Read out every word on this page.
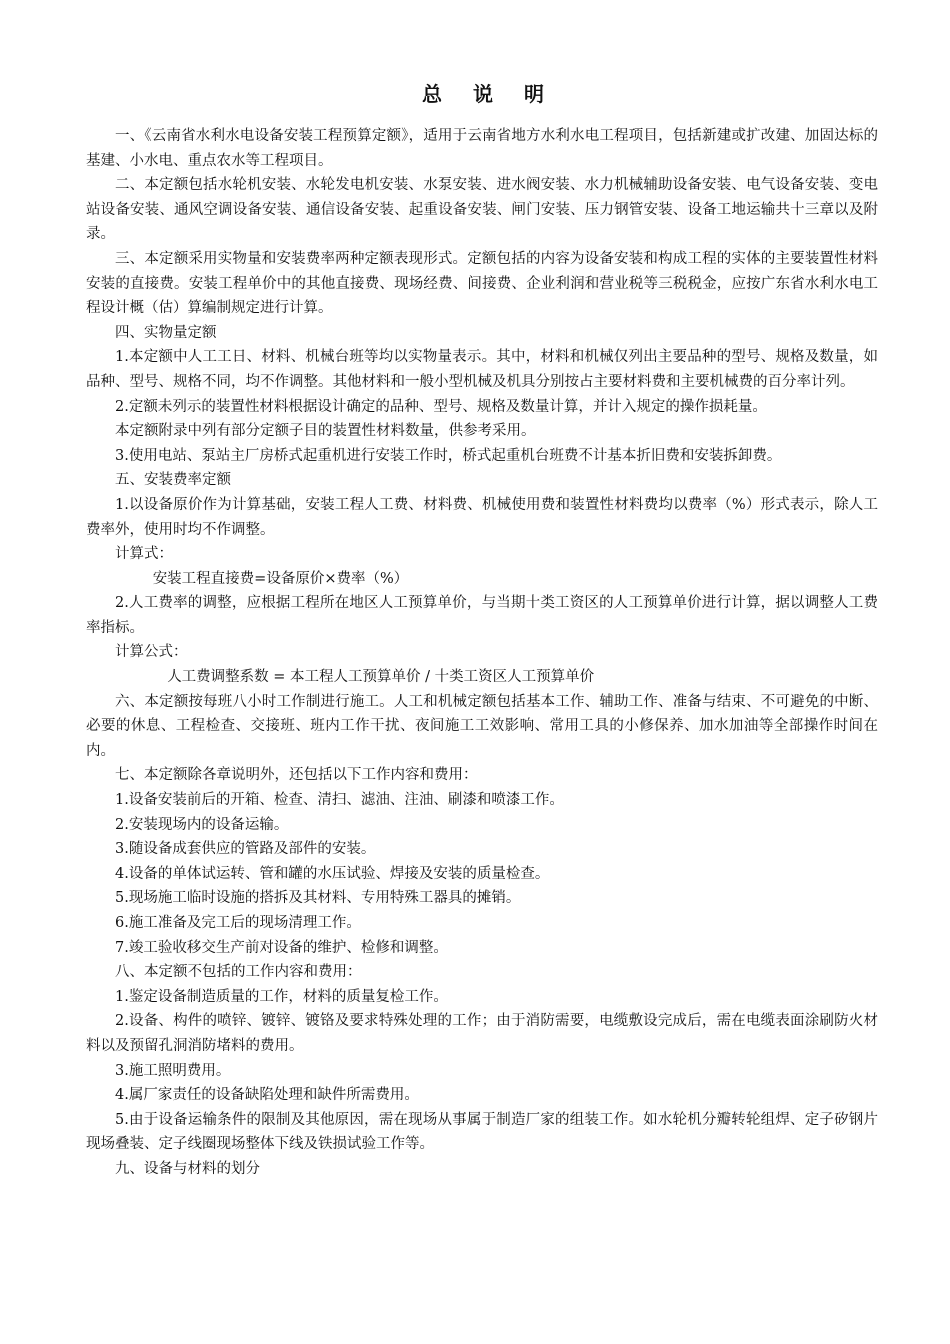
总 说 明

一、《云南省水利水电设备安装工程预算定额》，适用于云南省地方水利水电工程项目，包括新建或扩改建、加固达标的基建、小水电、重点农水等工程项目。

二、本定额包括水轮机安装、水轮发电机安装、水泵安装、进水阀安装、水力机械辅助设备安装、电气设备安装、变电站设备安装、通风空调设备安装、通信设备安装、起重设备安装、闸门安装、压力钢管安装、设备工地运输共十三章以及附录。

三、本定额采用实物量和安装费率两种定额表现形式。定额包括的内容为设备安装和构成工程的实体的主要装置性材料安装的直接费。安装工程单价中的其他直接费、现场经费、间接费、企业利润和营业税等三税税金，应按广东省水利水电工程设计概（估）算编制规定进行计算。

四、实物量定额

1.本定额中人工工日、材料、机械台班等均以实物量表示。其中，材料和机械仅列出主要品种的型号、规格及数量，如品种、型号、规格不同，均不作调整。其他材料和一般小型机械及机具分别按占主要材料费和主要机械费的百分率计列。

2.定额未列示的装置性材料根据设计确定的品种、型号、规格及数量计算，并计入规定的操作损耗量。

本定额附录中列有部分定额子目的装置性材料数量，供参考采用。

3.使用电站、泵站主厂房桥式起重机进行安装工作时，桥式起重机台班费不计基本折旧费和安装拆卸费。

五、安装费率定额

1.以设备原价作为计算基础，安装工程人工费、材料费、机械使用费和装置性材料费均以费率（%）形式表示，除人工费率外，使用时均不作调整。

计算式：

安装工程直接费=设备原价×费率（%）

2.人工费率的调整，应根据工程所在地区人工预算单价，与当期十类工资区的人工预算单价进行计算，据以调整人工费率指标。

计算公式：

人工费调整系数 = 本工程人工预算单价 / 十类工资区人工预算单价

六、本定额按每班八小时工作制进行施工。人工和机械定额包括基本工作、辅助工作、准备与结束、不可避免的中断、必要的休息、工程检查、交接班、班内工作干扰、夜间施工工效影响、常用工具的小修保养、加水加油等全部操作时间在内。

七、本定额除各章说明外，还包括以下工作内容和费用：

1.设备安装前后的开箱、检查、清扫、滤油、注油、刷漆和喷漆工作。

2.安装现场内的设备运输。

3.随设备成套供应的管路及部件的安装。

4.设备的单体试运转、管和罐的水压试验、焊接及安装的质量检查。

5.现场施工临时设施的搭拆及其材料、专用特殊工器具的摊销。

6.施工准备及完工后的现场清理工作。

7.竣工验收移交生产前对设备的维护、检修和调整。

八、本定额不包括的工作内容和费用：

1.鉴定设备制造质量的工作，材料的质量复检工作。

2.设备、构件的喷锌、镀锌、镀铬及要求特殊处理的工作；由于消防需要，电缆敷设完成后，需在电缆表面涂刷防火材料以及预留孔洞消防堵料的费用。

3.施工照明费用。

4.属厂家责任的设备缺陷处理和缺件所需费用。

5.由于设备运输条件的限制及其他原因，需在现场从事属于制造厂家的组装工作。如水轮机分瓣转轮组焊、定子矽钢片现场叠装、定子线圈现场整体下线及铁损试验工作等。

九、设备与材料的划分
